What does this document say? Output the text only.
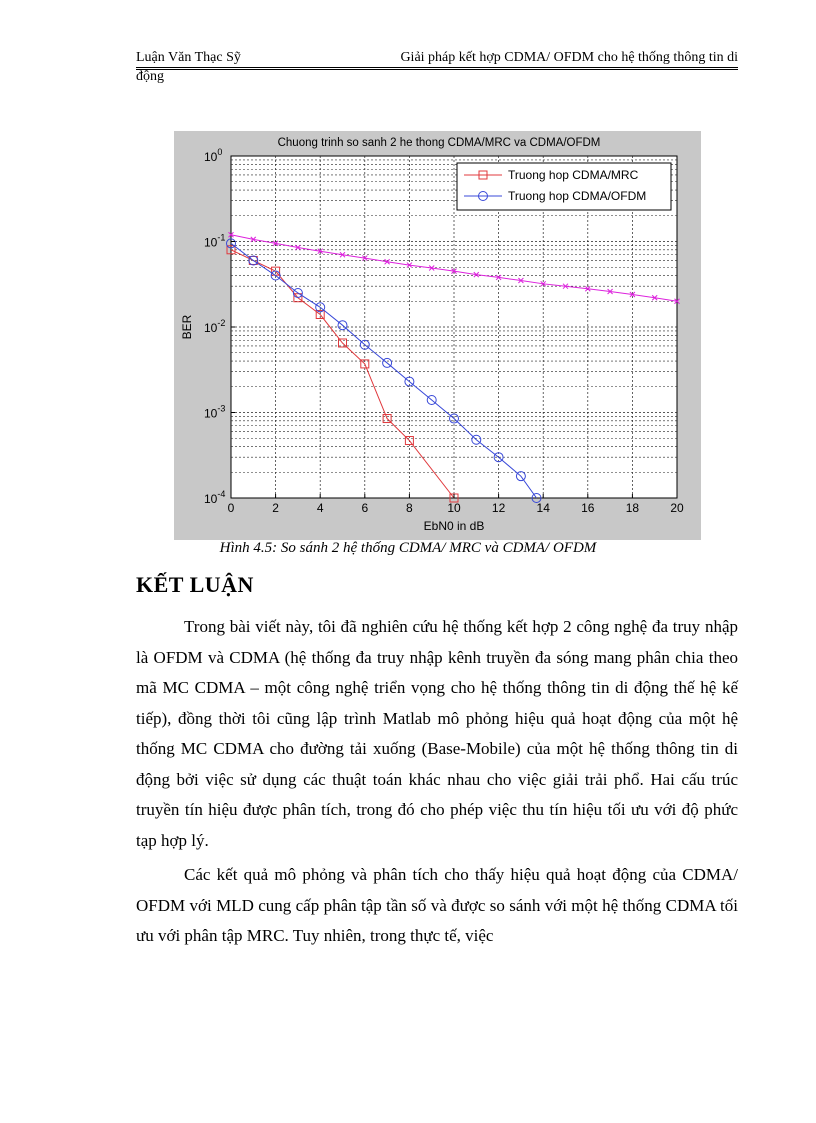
Luận Văn Thạc Sỹ	Giải pháp kết hợp CDMA/ OFDM cho hệ thống thông tin di
động
0	2	4	6	8	10	12	14	16	18	20
$10^0$
$10^{-1}$
$10^{-2}$
$10^{-3}$
$10^{-4}$
Chuong trinh so sanh 2 he thong CDMA/MRC va CDMA/OFDM
EbN0 in dB
BER
Truong hop CDMA/MRC
Truong hop CDMA/OFDM
Hình 4.5: So sánh 2 hệ thống CDMA/ MRC và CDMA/ OFDM
KẾT LUẬN

Trong bài viết này, tôi đã nghiên cứu hệ thống kết hợp 2 công nghệ đa truy nhập là OFDM và CDMA (hệ thống đa truy nhập kênh truyền đa sóng mang phân chia theo mã MC CDMA – một công nghệ triển vọng cho hệ thống thông tin di động thế hệ kế tiếp), đồng thời tôi cũng lập trình Matlab mô phỏng hiệu quả hoạt động của một hệ thống MC CDMA cho đường tải xuống (Base-Mobile) của một hệ thống thông tin di động bởi việc sử dụng các thuật toán khác nhau cho việc giải trải phổ. Hai cấu trúc truyền tín hiệu được phân tích, trong đó cho phép việc thu tín hiệu tối ưu với độ phức tạp hợp lý.

Các kết quả mô phỏng và phân tích cho thấy hiệu quả hoạt động của CDMA/ OFDM với MLD cung cấp phân tập tần số và được so sánh với một hệ thống CDMA tối ưu với phân tập MRC. Tuy nhiên, trong thực tế, việc
